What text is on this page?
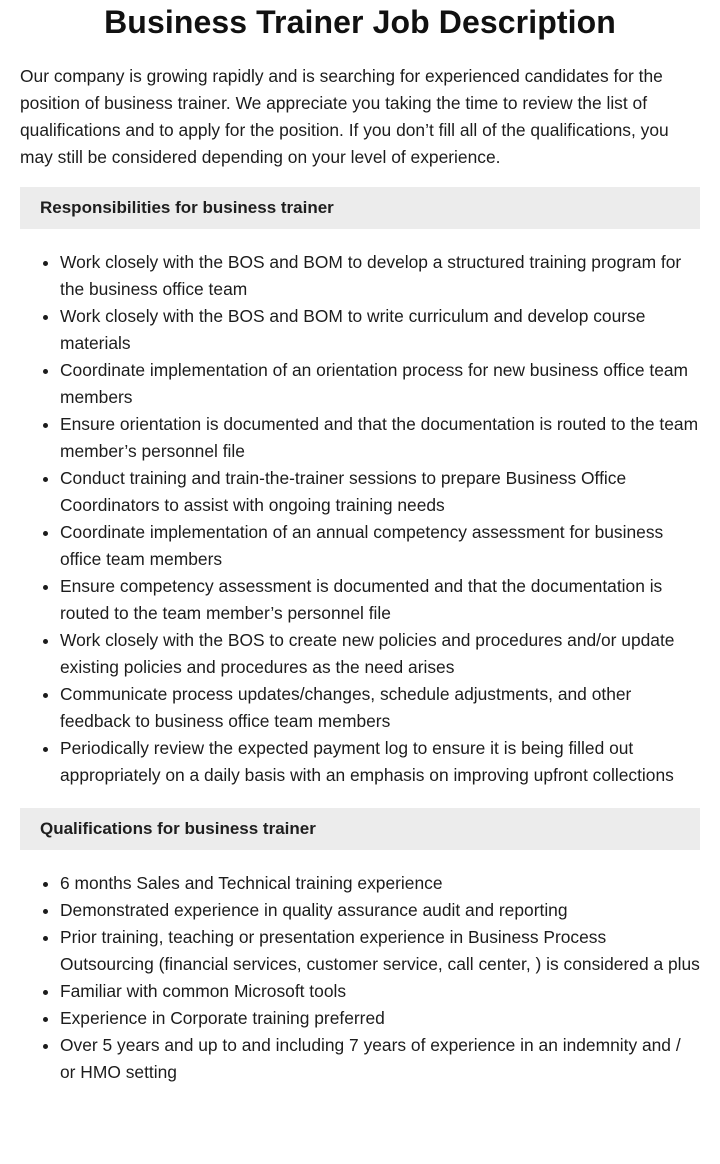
Business Trainer Job Description

Our company is growing rapidly and is searching for experienced candidates for the position of business trainer. We appreciate you taking the time to review the list of qualifications and to apply for the position. If you don’t fill all of the qualifications, you may still be considered depending on your level of experience.

Responsibilities for business trainer
Work closely with the BOS and BOM to develop a structured training program for the business office team
Work closely with the BOS and BOM to write curriculum and develop course materials
Coordinate implementation of an orientation process for new business office team members
Ensure orientation is documented and that the documentation is routed to the team member’s personnel file
Conduct training and train-the-trainer sessions to prepare Business Office Coordinators to assist with ongoing training needs
Coordinate implementation of an annual competency assessment for business office team members
Ensure competency assessment is documented and that the documentation is routed to the team member’s personnel file
Work closely with the BOS to create new policies and procedures and/or update existing policies and procedures as the need arises
Communicate process updates/changes, schedule adjustments, and other feedback to business office team members
Periodically review the expected payment log to ensure it is being filled out appropriately on a daily basis with an emphasis on improving upfront collections
Qualifications for business trainer
6 months Sales and Technical training experience
Demonstrated experience in quality assurance audit and reporting
Prior training, teaching or presentation experience in Business Process Outsourcing (financial services, customer service, call center, ) is considered a plus
Familiar with common Microsoft tools
Experience in Corporate training preferred
Over 5 years and up to and including 7 years of experience in an indemnity and / or HMO setting
